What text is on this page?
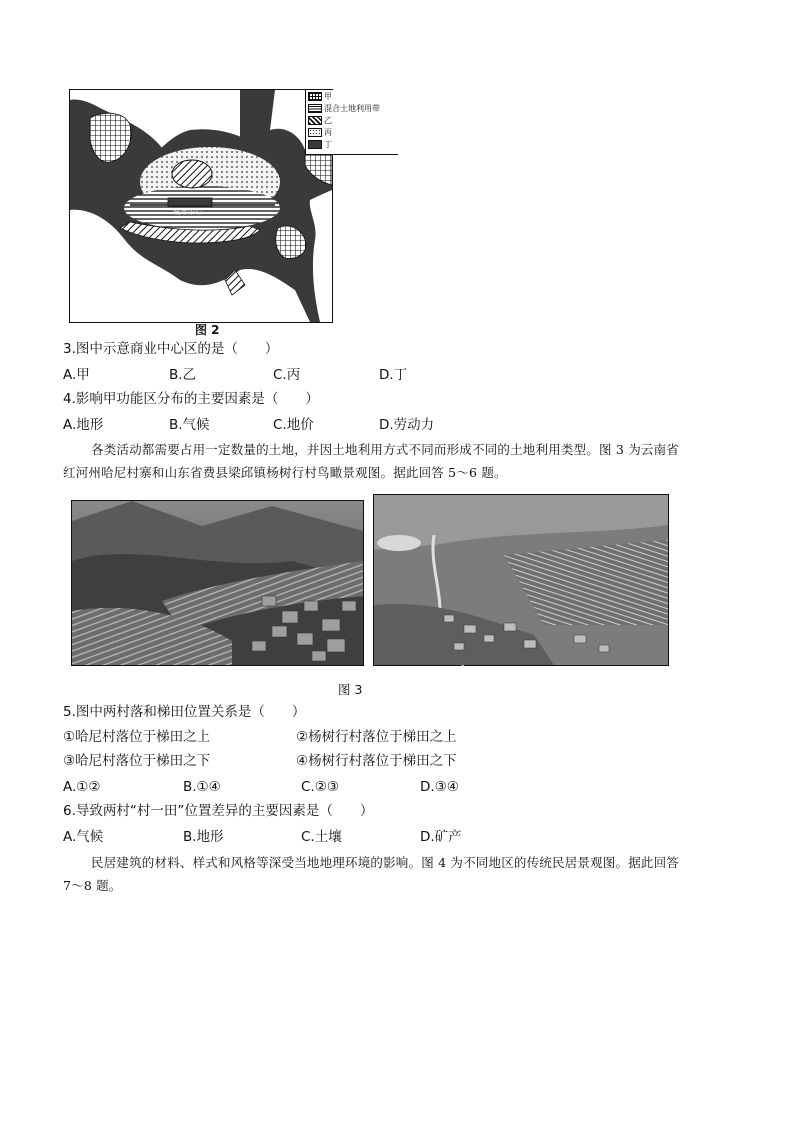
城市中心
甲
混合土地利用带
乙
丙
丁
图 2
3.图中示意商业中心区的是（　　）
A.甲	B.乙	C.丙	D.丁
4.影响甲功能区分布的主要因素是（　　）
A.地形	B.气候	C.地价	D.劳动力
各类活动都需要占用一定数量的土地，并因土地利用方式不同而形成不同的土地利用类型。图 3 为云南省
红河州哈尼村寨和山东省费县梁邱镇杨树行村鸟瞰景观图。据此回答 5～6 题。
图 3
5.图中两村落和梯田位置关系是（　　）
①哈尼村落位于梯田之上	②杨树行村落位于梯田之上
③哈尼村落位于梯田之下	④杨树行村落位于梯田之下
A.①②	B.①④	C.②③	D.③④
6.导致两村“村一田”位置差异的主要因素是（　　）
A.气候	B.地形	C.土壤	D.矿产
民居建筑的材料、样式和风格等深受当地地理环境的影响。图 4 为不同地区的传统民居景观图。据此回答
7～8 题。
